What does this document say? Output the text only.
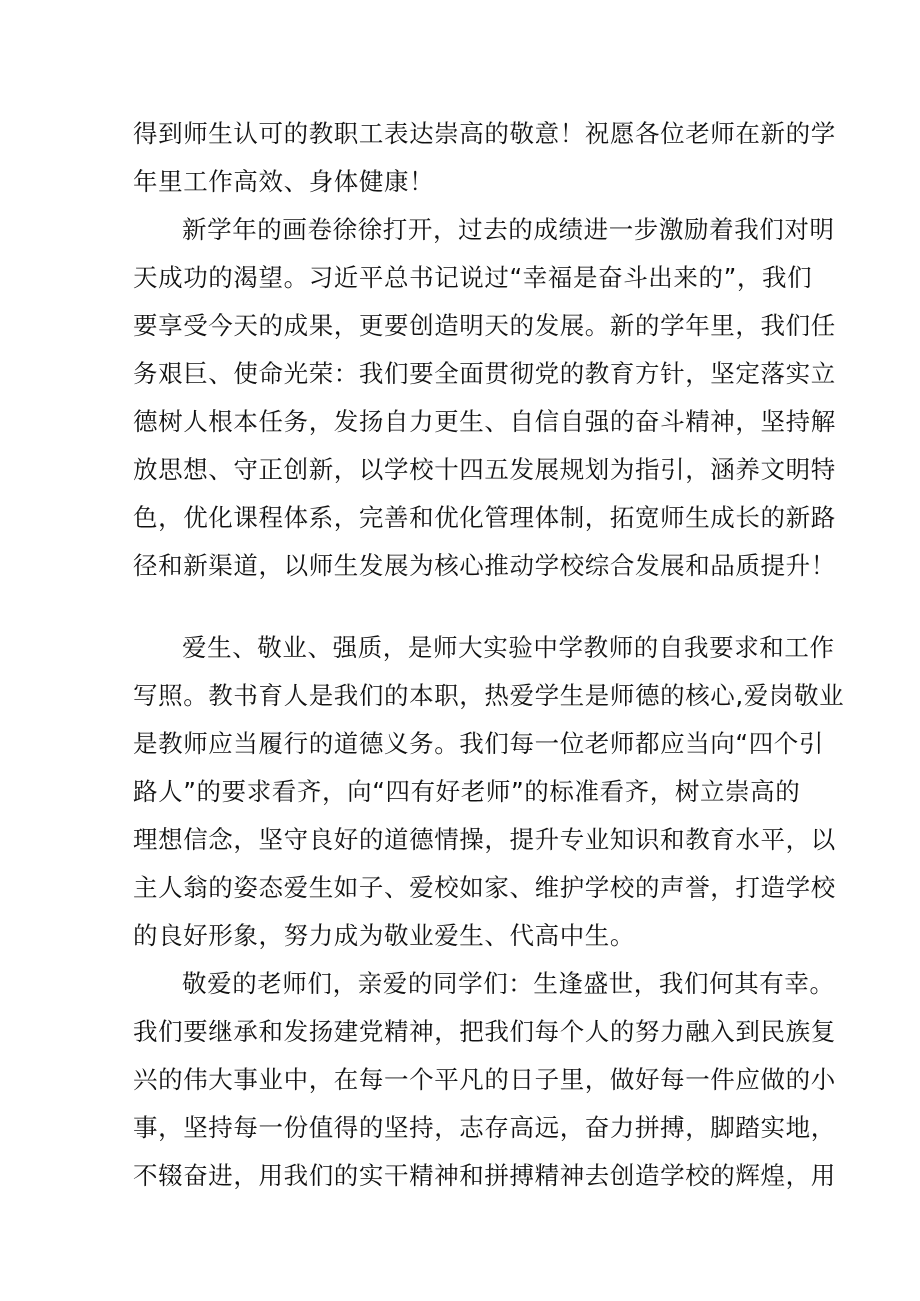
得到师生认可的教职工表达崇高的敬意！祝愿各位老师在新的学
年里工作高效、身体健康！
新学年的画卷徐徐打开，过去的成绩进一步激励着我们对明
天成功的渴望。习近平总书记说过“幸福是奋斗出来的”，我们
要享受今天的成果，更要创造明天的发展。新的学年里，我们任
务艰巨、使命光荣：我们要全面贯彻党的教育方针，坚定落实立
德树人根本任务，发扬自力更生、自信自强的奋斗精神，坚持解
放思想、守正创新，以学校十四五发展规划为指引，涵养文明特
色，优化课程体系，完善和优化管理体制，拓宽师生成长的新路
径和新渠道，以师生发展为核心推动学校综合发展和品质提升！
爱生、敬业、强质，是师大实验中学教师的自我要求和工作
写照。教书育人是我们的本职，热爱学生是师德的核心,爱岗敬业
是教师应当履行的道德义务。我们每一位老师都应当向“四个引
路人”的要求看齐，向“四有好老师”的标准看齐，树立崇高的
理想信念，坚守良好的道德情操，提升专业知识和教育水平，以
主人翁的姿态爱生如子、爱校如家、维护学校的声誉，打造学校
的良好形象，努力成为敬业爱生、代高中生。
敬爱的老师们，亲爱的同学们：生逢盛世，我们何其有幸。
我们要继承和发扬建党精神，把我们每个人的努力融入到民族复
兴的伟大事业中，在每一个平凡的日子里，做好每一件应做的小
事，坚持每一份值得的坚持，志存高远，奋力拼搏，脚踏实地，
不辍奋进，用我们的实干精神和拼搏精神去创造学校的辉煌，用
